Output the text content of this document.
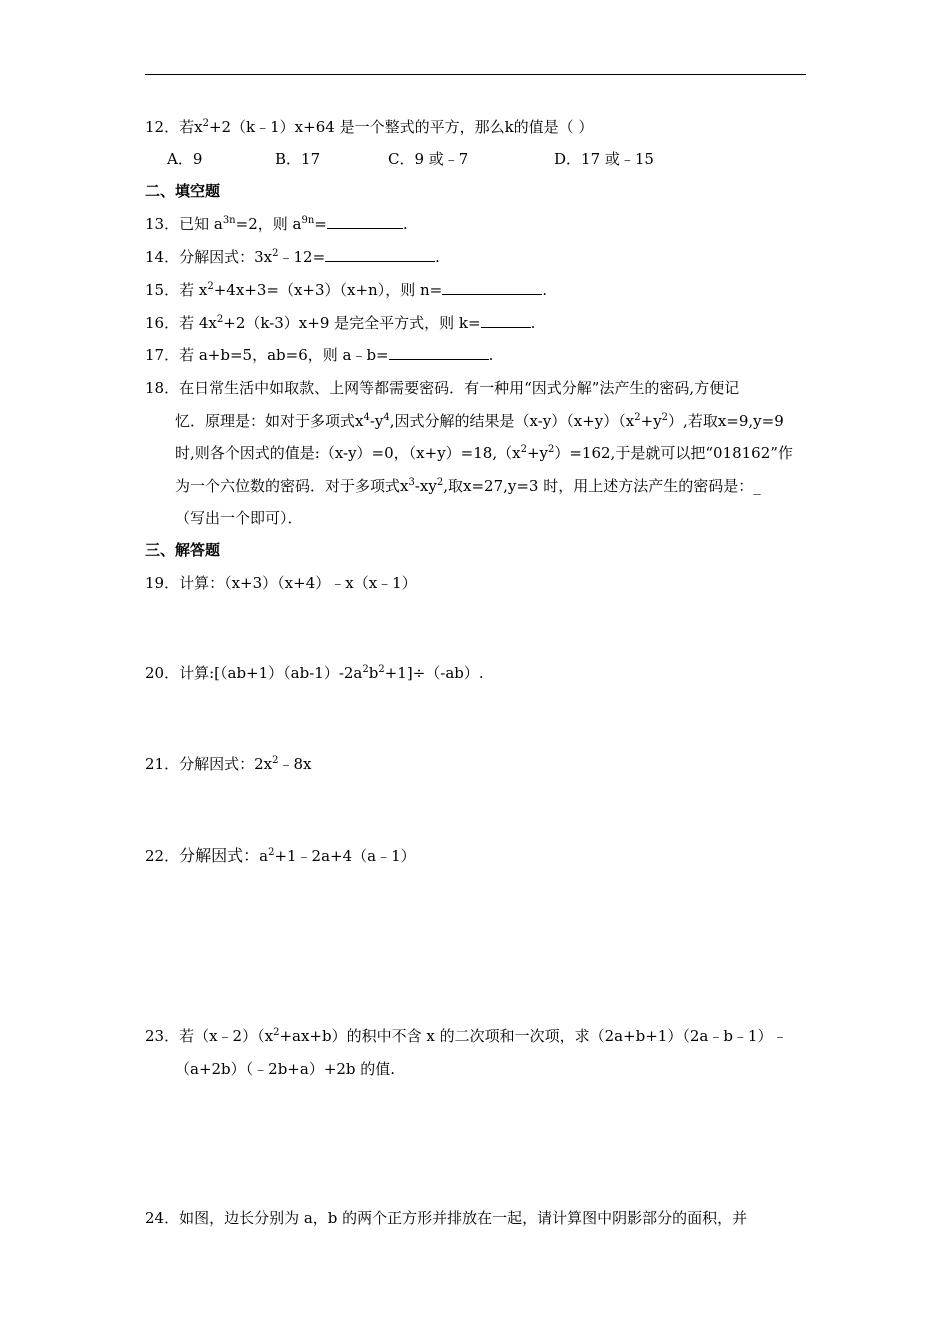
12．若$x^2+2(k﹣1)x+64$ 是一个整式的平方，那么k的值是（ ）
A．9	B．17	C．9 或﹣7	D．17 或﹣15
二、填空题
13．已知 $a^{3n}=2$，则 $a^{9n}=$	.
14．分解因式：$3x^2﹣12=$	.
15．若 $x^2+4x+3=(x+3)(x+n)$，则 n=	.
16．若 $4x^2+2(k-3)x+9$ 是完全平方式，则 k=	.
17．若 a+b=5，ab=6，则 a﹣b=	.
18．在日常生活中如取款、上网等都需要密码．有一种用“因式分解”法产生的密码,方便记
忆．原理是：如对于多项式$x^4-y^4$,因式分解的结果是$(x-y)(x+y)(x^2+y^2)$,若取x=9,y=9
时,则各个因式的值是:（x-y）=0，$(x+y)=18,(x^2+y^2)=162$,于是就可以把“018162”作
为一个六位数的密码．对于多项式$x^3-xy^2$,取x=27,y=3 时，用上述方法产生的密码是：_
（写出一个即可）．
三、解答题
19．计算：（x+3）（x+4）﹣x（x﹣1）
20．计算$:[(ab+1)(ab-1)-2a^2b^2+1]\div(-ab)$.
21．分解因式：$2x^2﹣8x$
22．分解因式：$a^2+1﹣2a+4(a﹣1)$
23．若$(x﹣2)(x^2+ax+b)$的积中不含 x 的二次项和一次项，求（2a+b+1）（2a﹣b﹣1）﹣
（a+2b）（﹣2b+a）+2b 的值.
24．如图，边长分别为 a，b 的两个正方形并排放在一起，请计算图中阴影部分的面积，并
